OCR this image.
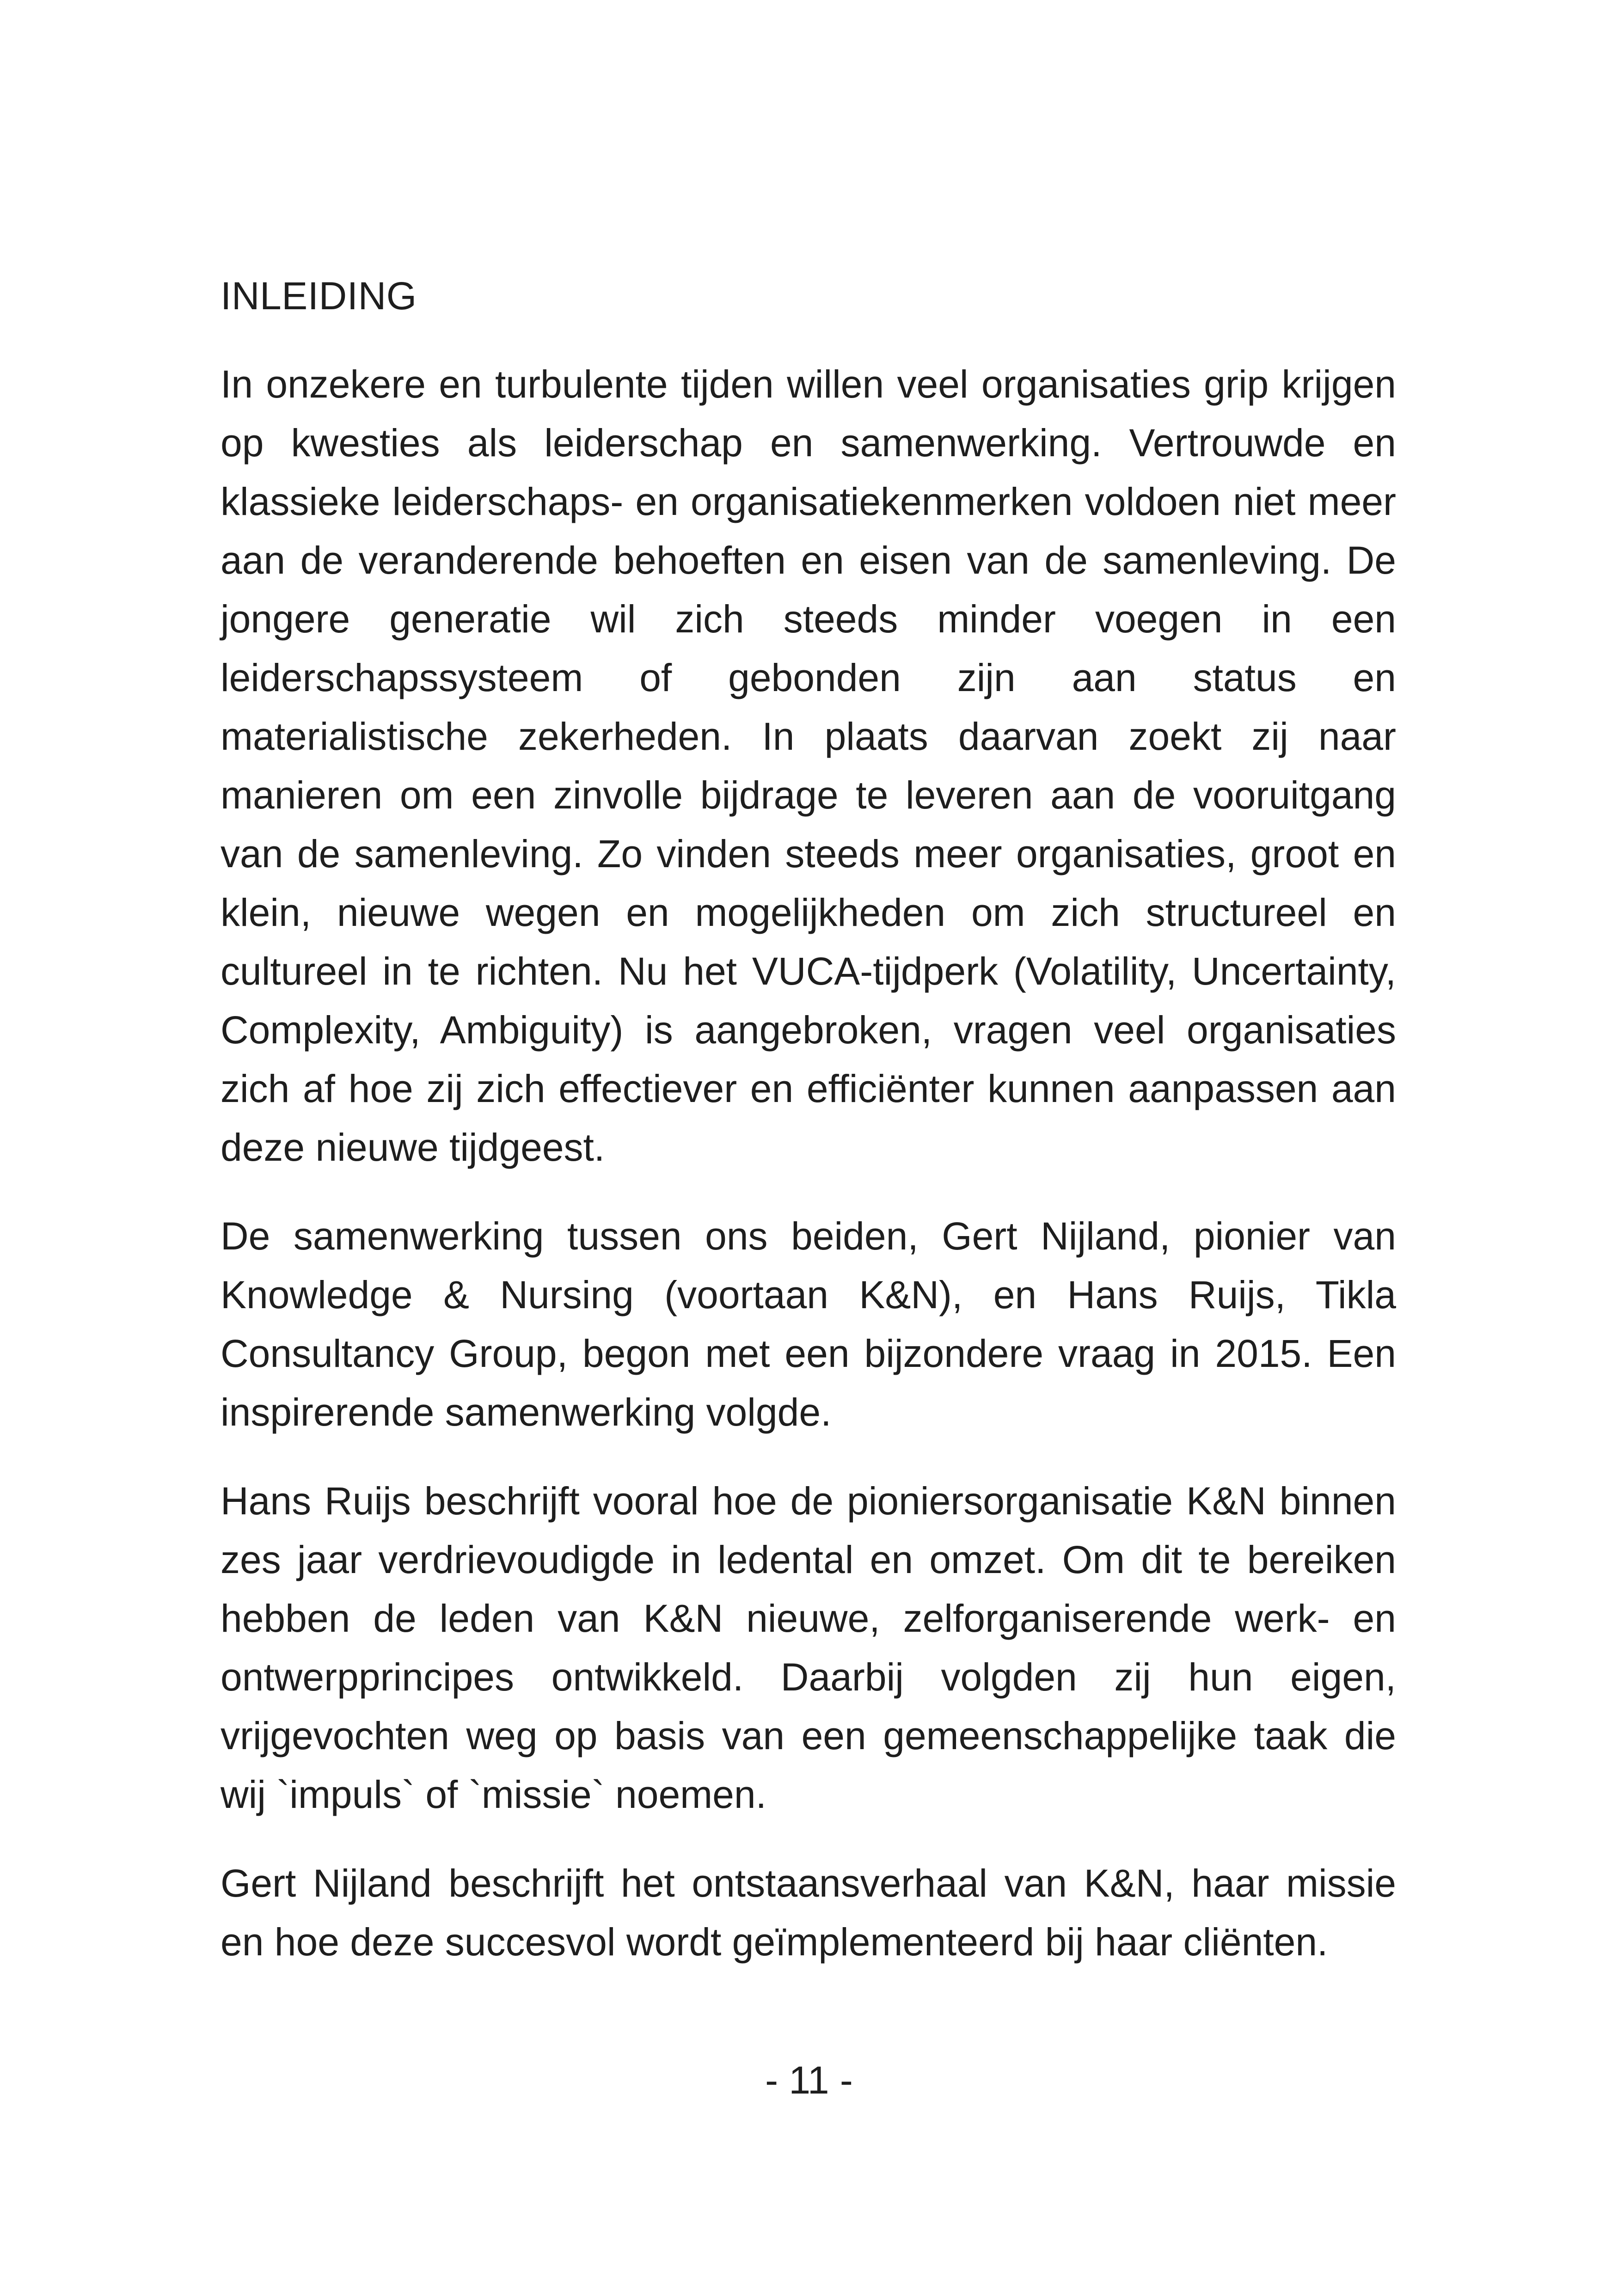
INLEIDING

In onzekere en turbulente tijden willen veel organisaties grip krijgen op kwesties als leiderschap en samenwerking. Vertrouwde en klassieke leiderschaps- en organisatiekenmerken voldoen niet meer aan de veranderende behoeften en eisen van de samenleving. De jongere generatie wil zich steeds minder voegen in een leiderschapssysteem of gebonden zijn aan status en materialistische zekerheden. In plaats daarvan zoekt zij naar manieren om een zinvolle bijdrage te leveren aan de vooruitgang van de samenleving. Zo vinden steeds meer organisaties, groot en klein, nieuwe wegen en mogelijkheden om zich structureel en cultureel in te richten. Nu het VUCA-tijdperk (Volatility, Uncertainty, Complexity, Ambiguity) is aangebroken, vragen veel organisaties zich af hoe zij zich effectiever en efficiënter kunnen aanpassen aan deze nieuwe tijdgeest.

De samenwerking tussen ons beiden, Gert Nijland, pionier van Knowledge & Nursing (voortaan K&N), en Hans Ruijs, Tikla Consultancy Group, begon met een bijzondere vraag in 2015. Een inspirerende samenwerking volgde.

Hans Ruijs beschrijft vooral hoe de pioniersorganisatie K&N binnen zes jaar verdrievoudigde in ledental en omzet. Om dit te bereiken hebben de leden van K&N nieuwe, zelforganiserende werk- en ontwerpprincipes ontwikkeld. Daarbij volgden zij hun eigen, vrijgevochten weg op basis van een gemeenschappelijke taak die wij `impuls` of `missie` noemen.

Gert Nijland beschrijft het ontstaansverhaal van K&N, haar missie en hoe deze succesvol wordt geïmplementeerd bij haar cliënten.

- 11 -
